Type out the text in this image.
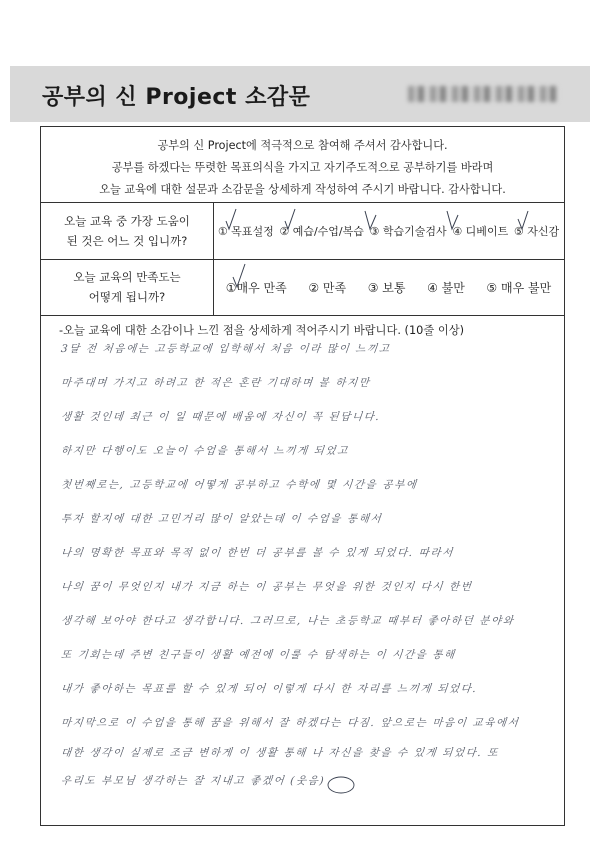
공부의 신 Project 소감문
공부의 신 Project에 적극적으로 참여해 주셔서 감사합니다.
공부를 하겠다는 뚜렷한 목표의식을 가지고 자기주도적으로 공부하기를 바라며
오늘 교육에 대한 설문과 소감문을 상세하게 작성하여 주시기 바랍니다. 감사합니다.
오늘 교육 중 가장 도움이
된 것은 어느 것 입니까?
① 목표설정 ② 예습/수업/복습 ③ 학습기술검사 ④ 디베이트 ⑤ 자신감
오늘 교육의 만족도는
어떻게 됩니까?
①매우 만족 ② 만족 ③ 보통 ④ 불만 ⑤ 매우 불만
-오늘 교육에 대한 소감이나 느낀 점을 상세하게 적어주시기 바랍니다. (10줄 이상)
3달 전 처음에는 고등학교에 입학해서 처음 이라 많이 느끼고
마주대며 가지고 하려고 한 적은 혼란 기대하며 볼 하지만
생활 것인데 최근 이 일 때문에 배움에 자신이 꼭 된답니다.
하지만 다행이도 오늘이 수업을 통해서 느끼게 되었고
첫번째로는, 고등학교에 어떻게 공부하고 수학에 몇 시간을 공부에
투자 할지에 대한 고민거리 많이 알았는데 이 수업을 통해서
나의 명확한 목표와 목적 없이 한번 더 공부를 볼 수 있게 되었다. 따라서
나의 꿈이 무엇인지 내가 지금 하는 이 공부는 무엇을 위한 것인지 다시 한번
생각해 보아야 한다고 생각합니다. 그러므로, 나는 초등학교 때부터 좋아하던 분야와
또 기회는데 주변 친구들이 생활 예전에 이룰 수 탐색하는 이 시간을 통해
내가 좋아하는 목표를 할 수 있게 되어 이렇게 다시 한 자리를 느끼게 되었다.
마지막으로 이 수업을 통해 꿈을 위해서 잘 하겠다는 다짐. 앞으로는 마음이 교육에서
대한 생각이 실제로 조금 변하게 이 생활 통해 나 자신을 찾을 수 있게 되었다. 또
우리도 부모님 생각하는 잘 지내고 좋겠어 (웃음)
